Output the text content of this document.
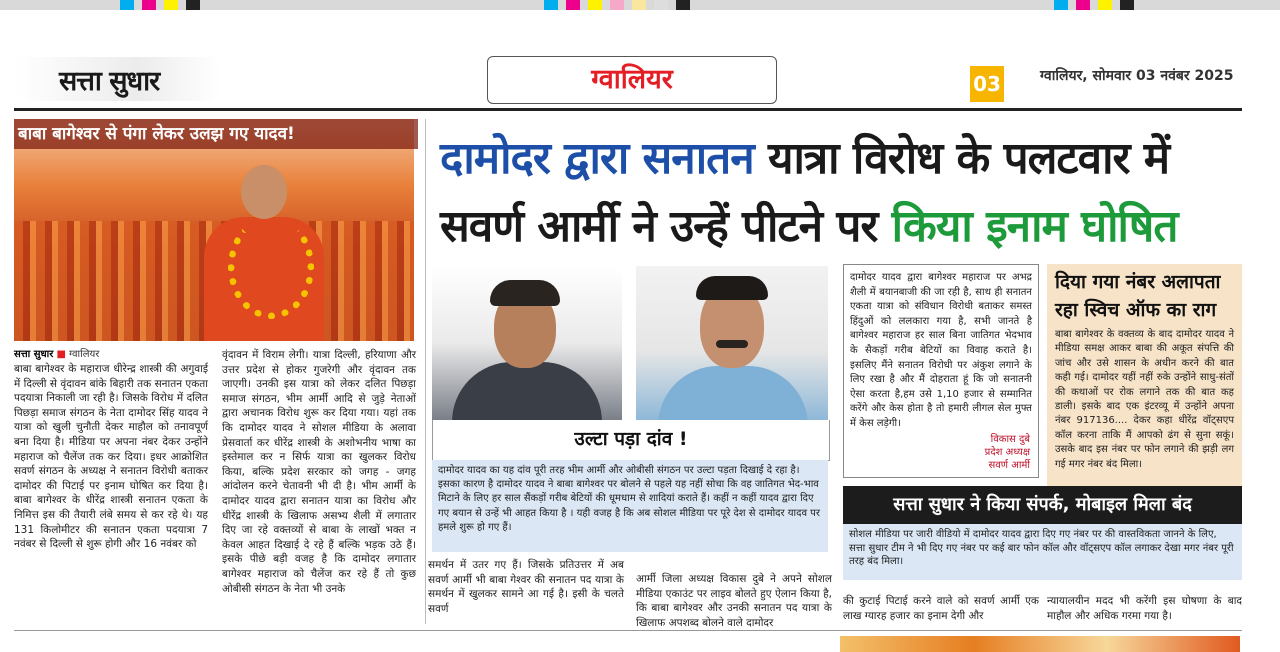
सत्ता सुधार	ग्वालियर	03	ग्वालियर, सोमवार 03 नवंबर 2025
बाबा बागेश्वर से पंगा लेकर उलझ गए यादव!
सत्ता सुधार ■ ग्वालियर
बाबा बागेश्वर के महाराज धीरेन्द्र शास्त्री की अगुवाई में दिल्ली से वृंदावन बांके बिहारी तक सनातन एकता पदयात्रा निकाली जा रही है। जिसके विरोध में दलित पिछड़ा समाज संगठन के नेता दामोदर सिंह यादव ने यात्रा को खुली चुनौती देकर माहौल को तनावपूर्ण बना दिया है। मीडिया पर अपना नंबर देकर उन्होंने महाराज को चैलेंज तक कर दिया। इधर आक्रोशित सवर्ण संगठन के अध्यक्ष ने सनातन विरोधी बताकर दामोदर की पिटाई पर इनाम घोषित कर दिया है। बाबा बागेश्वर के धीरेंद्र शास्त्री सनातन एकता के निमित्त इस की तैयारी लंबे समय से कर रहे थे। यह 131 किलोमीटर की सनातन एकता पदयात्रा 7 नवंबर से दिल्ली से शुरू होगी और 16 नवंबर को
वृंदावन में विराम लेगी। यात्रा दिल्ली, हरियाणा और उत्तर प्रदेश से होकर गुजरेगी और वृंदावन तक जाएगी। उनकी इस यात्रा को लेकर दलित पिछड़ा समाज संगठन, भीम आर्मी आदि से जुड़े नेताओं द्वारा अचानक विरोध शुरू कर दिया गया। यहां तक कि दामोदर यादव ने सोशल मीडिया के अलावा प्रेसवार्ता कर धीरेंद्र शास्त्री के अशोभनीय भाषा का इस्तेमाल कर न सिर्फ यात्रा का खुलकर विरोध किया, बल्कि प्रदेश सरकार को जगह - जगह आंदोलन करने चेतावनी भी दी है। भीम आर्मी के दामोदर यादव द्वारा सनातन यात्रा का विरोध और धीरेंद्र शास्त्री के खिलाफ असभ्य शैली में लगातार दिए जा रहे वक्तव्यों से बाबा के लाखों भक्त न केवल आहत दिखाई दे रहे हैं बल्कि भड़क उठे हैं। इसके पीछे बड़ी वजह है कि दामोदर लगातार बागेश्वर महाराज को चैलेंज कर रहे हैं तो कुछ ओबीसी संगठन के नेता भी उनके
दामोदर द्वारा सनातन यात्रा विरोध के पलटवार में
सवर्ण आर्मी ने उन्हें पीटने पर किया इनाम घोषित
उल्टा पड़ा दांव !
दामोदर यादव का यह दांव पूरी तरह भीम आर्मी और ओबीसी संगठन पर उल्टा पड़ता दिखाई दे रहा है। इसका कारण है दामोदर यादव ने बाबा बागेश्वर पर बोलने से पहले यह नहीं सोचा कि वह जातिगत भेद-भाव मिटाने के लिए हर साल सैंकड़ों गरीब बेटियों की धूमधाम से शादियां कराते हैं। कहीं न कहीं यादव द्वारा दिए गए बयान से उन्हें भी आहत किया है । यही वजह है कि अब सोशल मीडिया पर पूरे देश से दामोदर यादव पर हमले शुरू हो गए हैं।
समर्थन में उतर गए हैं। जिसके प्रतिउत्तर में अब सवर्ण आर्मी भी बाबा गेश्वर की सनातन पद यात्रा के समर्थन में खुलकर सामने आ गई है। इसी के चलते सवर्ण
आर्मी जिला अध्यक्ष विकास दुबे ने अपने सोशल मीडिया एकाउंट पर लाइव बोलते हुए ऐलान किया है, कि बाबा बागेश्वर और उनकी सनातन पद यात्रा के खिलाफ अपशब्द बोलने वाले दामोदर
दामोदर यादव द्वारा बागेश्वर महाराज पर अभद्र शैली में बयानबाजी की जा रही है, साथ ही सनातन एकता यात्रा को संविधान विरोधी बताकर समस्त हिंदुओं को ललकारा गया है, सभी जानते है बागेश्वर महाराज हर साल बिना जातिगत भेदभाव के सैकड़ों गरीब बेटियों का विवाह कराते है। इसलिए मैंने सनातन विरोधी पर अंकुश लगाने के लिए रखा है और मैं दोहराता हूं कि जो सनातनी ऐसा करता है,हम उसे 1,10 हजार से सम्मानित करेंगे और केस होता है तो हमारी लीगल सेल मुफ्त में केस लड़ेगी।
विकास दुबे
प्रदेश अध्यक्ष
सवर्ण आर्मी
की कुटाई पिटाई करने वाले को सवर्ण आर्मी एक लाख ग्यारह हजार का इनाम देगी और
दिया गया नंबर अलापता रहा स्विच ऑफ का राग
बाबा बागेश्वर के वक्तव्य के बाद दामोदर यादव ने मीडिया समक्ष आकर बाबा की अकूत संपत्ति की जांच और उसे शासन के अधीन करने की बात कही गई। दामोदर यहीं नहीं रुके उन्होंने साधु-संतों की कथाओं पर रोक लगाने तक की बात कह डाली। इसके बाद एक इंटरव्यू में उन्होंने अपना नंबर 917136.... देकर कहा धीरेंद्र वॉट्सएप कॉल करना ताकि मैं आपको ढंग से सुना सकूं। उसके बाद इस नंबर पर फोन लगाने की झड़ी लग गई मगर नंबर बंद मिला।
न्यायालयीन मदद भी करेंगी इस घोषणा के बाद माहौल और अधिक गरमा गया है।
सत्ता सुधार ने किया संपर्क, मोबाइल मिला बंद
सोशल मीडिया पर जारी वीडियो में दामोदर यादव द्वारा दिए गए नंबर पर की वास्तविकता जानने के लिए, सत्ता सुधार टीम ने भी दिए गए नंबर पर कई बार फोन कॉल और वॉट्सएप कॉल लगाकर देखा मगर नंबर पूरी तरह बंद मिला।
